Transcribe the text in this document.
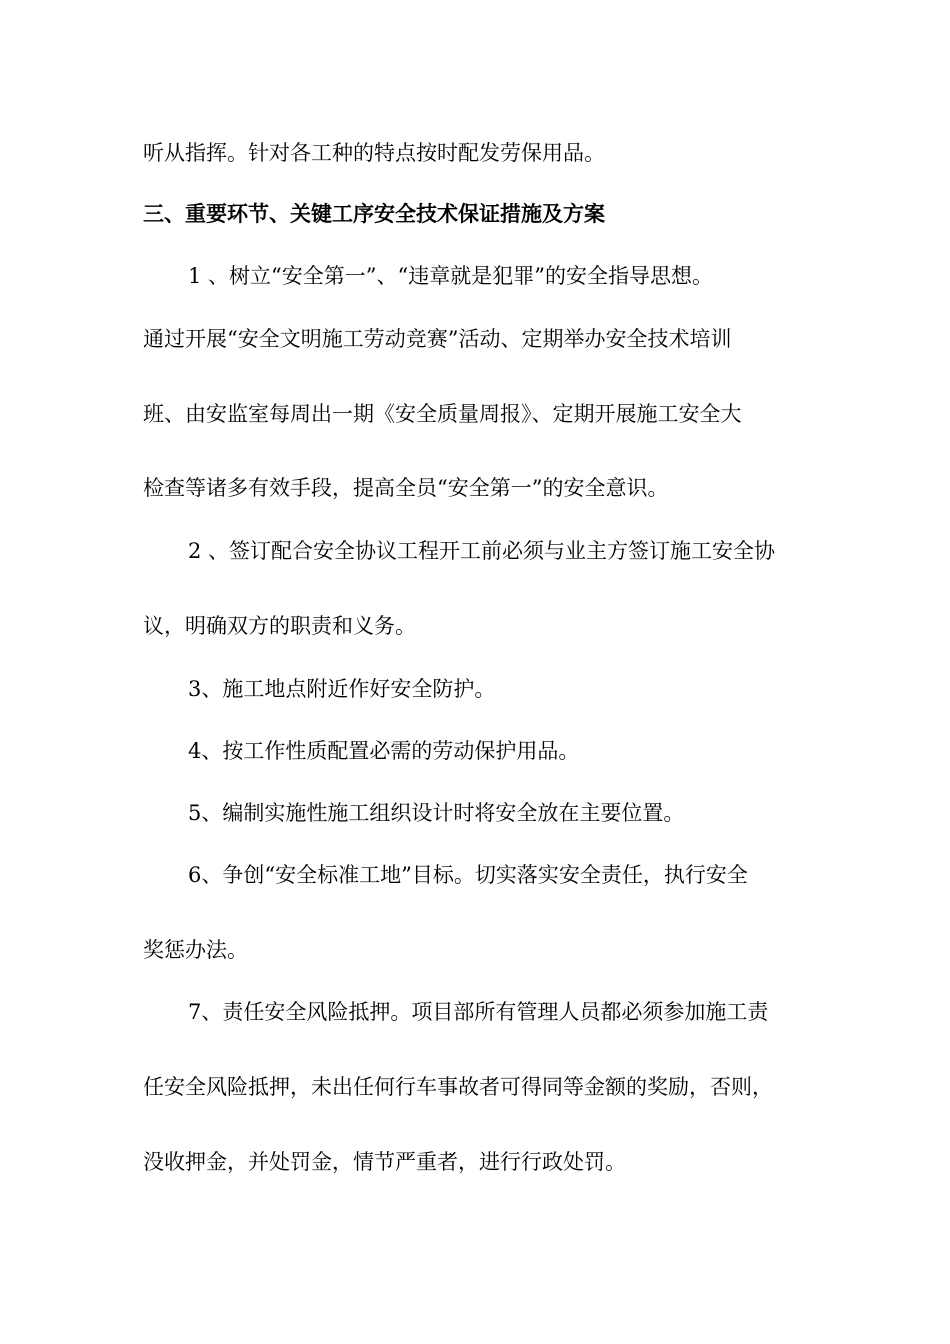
听从指挥。针对各工种的特点按时配发劳保用品。
三、重要环节、关键工序安全技术保证措施及方案
1 、树立“安全第一”、“违章就是犯罪”的安全指导思想。
通过开展“安全文明施工劳动竞赛”活动、定期举办安全技术培训
班、由安监室每周出一期《安全质量周报》、定期开展施工安全大
检查等诸多有效手段，提高全员“安全第一”的安全意识。
2 、签订配合安全协议工程开工前必须与业主方签订施工安全协
议，明确双方的职责和义务。
3、施工地点附近作好安全防护。
4、按工作性质配置必需的劳动保护用品。
5、编制实施性施工组织设计时将安全放在主要位置。
6、争创“安全标准工地”目标。切实落实安全责任，执行安全
奖惩办法。
7、责任安全风险抵押。项目部所有管理人员都必须参加施工责
任安全风险抵押，未出任何行车事故者可得同等金额的奖励，否则，
没收押金，并处罚金，情节严重者，进行行政处罚。
